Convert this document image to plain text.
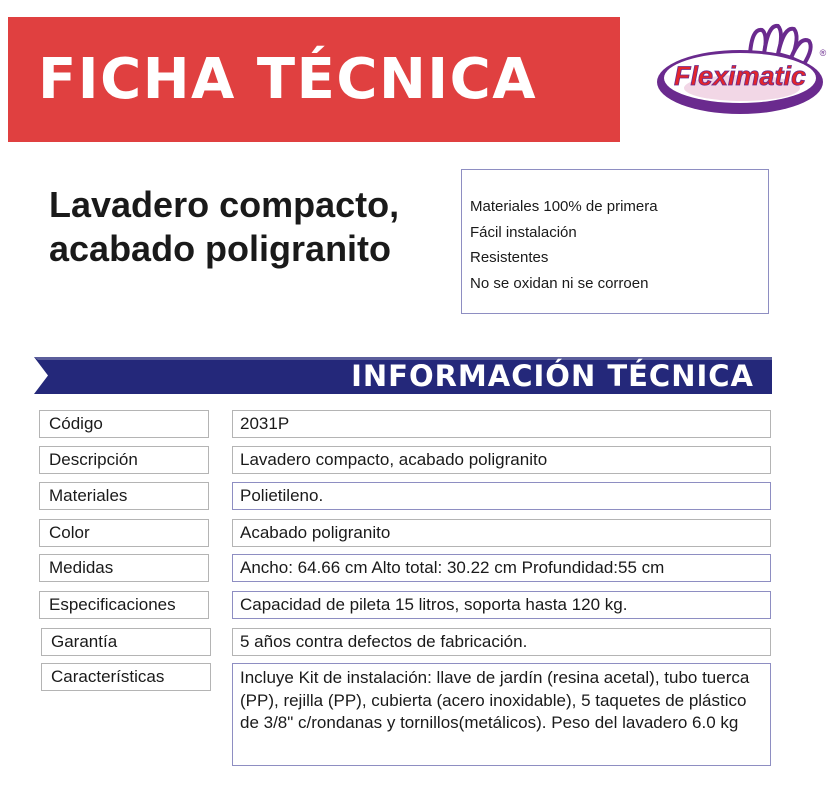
FICHA TÉCNICA	Fleximatic
®
Lavadero compacto,
acabado poligranito
Materiales 100% de primera
Fácil instalación
Resistentes
No se oxidan ni se corroen
INFORMACIÓN TÉCNICA
Código	2031P
Descripción	Lavadero compacto, acabado poligranito
Materiales	Polietileno.
Color	Acabado poligranito
Medidas	Ancho: 64.66 cm Alto total: 30.22 cm Profundidad:55 cm
Especificaciones	Capacidad de pileta 15 litros, soporta hasta 120 kg.
Garantía	5 años contra defectos de fabricación.
Características	Incluye Kit de instalación: llave de jardín (resina acetal), tubo tuerca (PP), rejilla (PP), cubierta (acero inoxidable), 5 taquetes de plástico de 3/8" c/rondanas y tornillos(metálicos). Peso del lavadero 6.0 kg
